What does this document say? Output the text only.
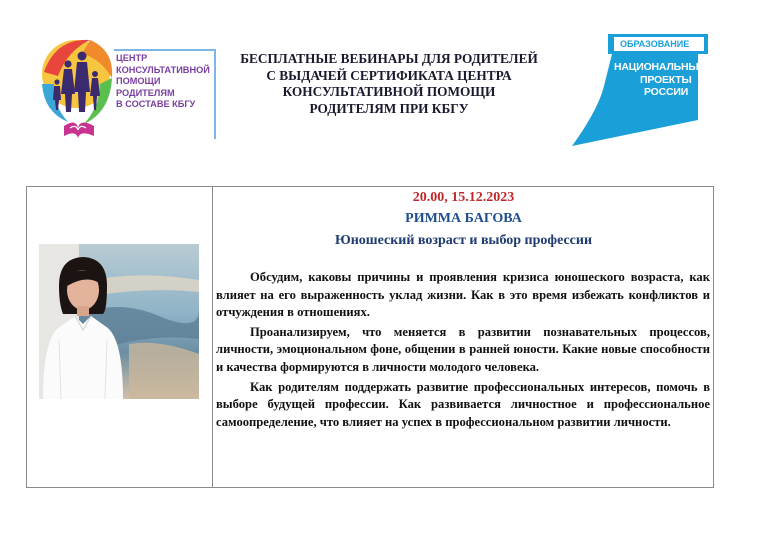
ЦЕНТР
КОНСУЛЬТАТИВНОЙ
ПОМОЩИ
РОДИТЕЛЯМ
В СОСТАВЕ КБГУ
БЕСПЛАТНЫЕ ВЕБИНАРЫ ДЛЯ РОДИТЕЛЕЙ
С ВЫДАЧЕЙ СЕРТИФИКАТА ЦЕНТРА
КОНСУЛЬТАТИВНОЙ ПОМОЩИ
РОДИТЕЛЯМ ПРИ КБГУ
ОБРАЗОВАНИЕ
НАЦИОНАЛЬНЫЕ
ПРОЕКТЫ
РОССИИ
20.00, 15.12.2023
РИММА БАГОВА
Юношеский возраст и выбор профессии

Обсудим, каковы причины и проявления кризиса юношеского возраста, как влияет на его выраженность уклад жизни. Как в это время избежать конфликтов и отчуждения в отношениях.

Проанализируем, что меняется в развитии познавательных процессов, личности, эмоциональном фоне, общении в ранней юности. Какие новые способности и качества формируются в личности молодого человека.

Как родителям поддержать развитие профессиональных интересов, помочь в выборе будущей профессии. Как развивается личностное и профессиональное самоопределение, что влияет на успех в профессиональном развитии личности.
